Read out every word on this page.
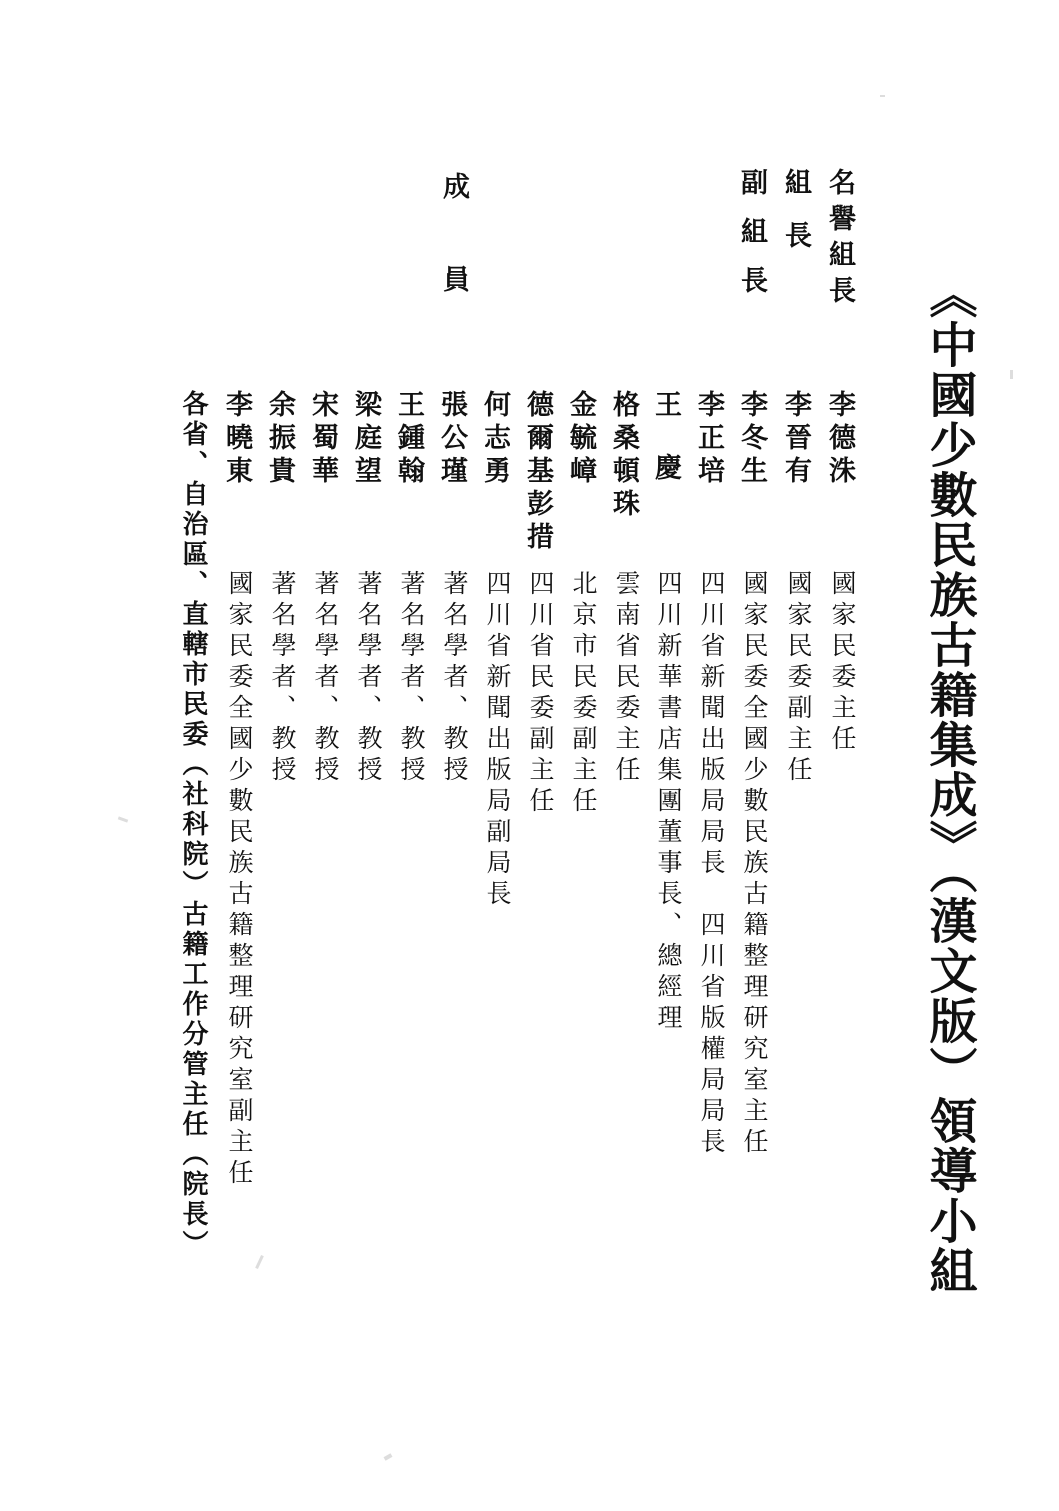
《中國少數民族古籍集成》（漢文版）領導小組
名譽組長
組長
副組長
成員
李德洙
李晉有
李冬生
李正培
王慶
格桑頓珠
金毓嶂
德爾基彭措
何志勇
張公瑾
王鍾翰
梁庭望
宋蜀華
余振貴
李曉東
國家民委主任
國家民委副主任
國家民委全國少數民族古籍整理研究室主任
四川省新聞出版局局長　四川省版權局局長
四川新華書店集團董事長、總經理
雲南省民委主任
北京市民委副主任
四川省民委副主任
四川省新聞出版局副局長
著名學者、教授
著名學者、教授
著名學者、教授
著名學者、教授
著名學者、教授
國家民委全國少數民族古籍整理研究室副主任
各省、自治區、直轄市民委（社科院）古籍工作分管主任（院長）
